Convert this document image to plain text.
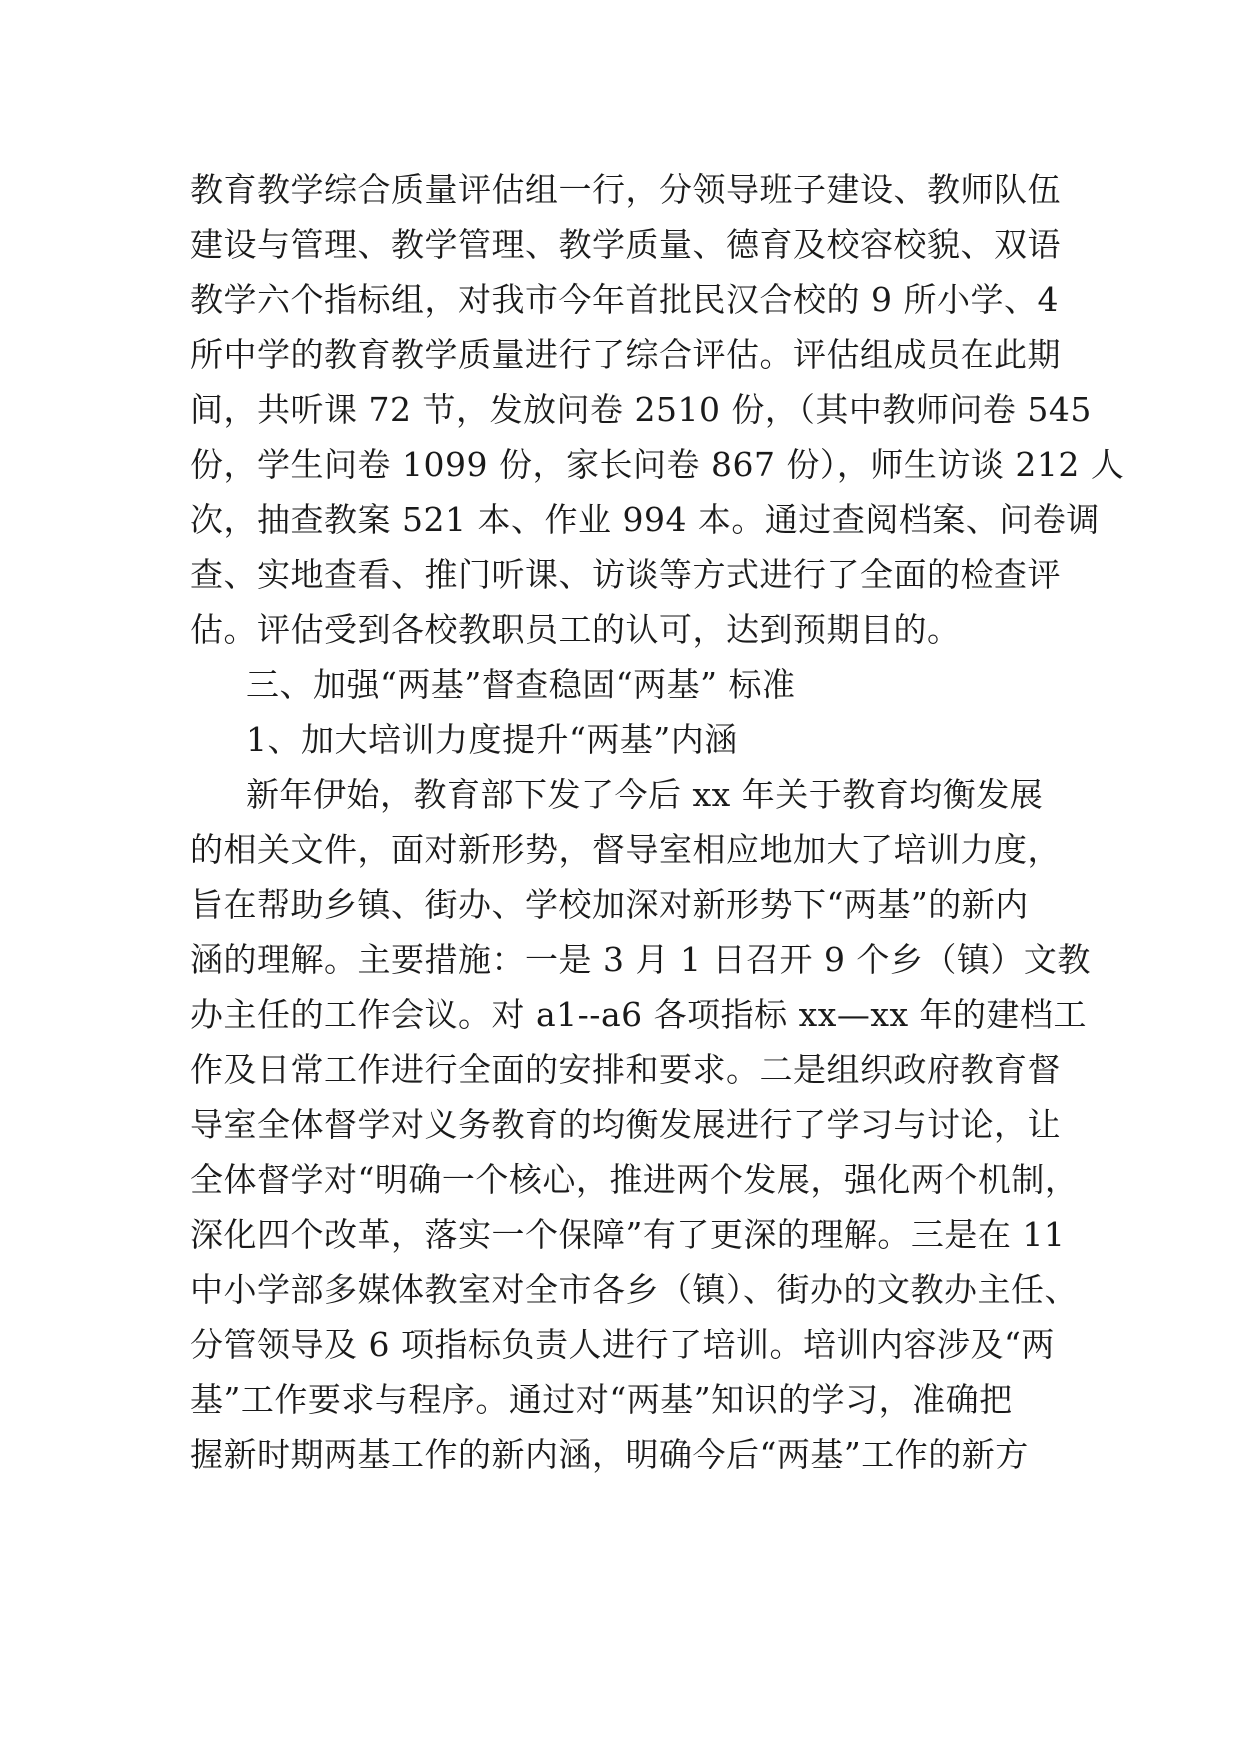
教育教学综合质量评估组一行，分领导班子建设、教师队伍
建设与管理、教学管理、教学质量、德育及校容校貌、双语
教学六个指标组，对我市今年首批民汉合校的 9 所小学、4
所中学的教育教学质量进行了综合评估。评估组成员在此期
间，共听课 72 节，发放问卷 2510 份，（其中教师问卷 545
份，学生问卷 1099 份，家长问卷 867 份），师生访谈 212 人
次，抽查教案 521 本、作业 994 本。通过查阅档案、问卷调
查、实地查看、推门听课、访谈等方式进行了全面的检查评
估。评估受到各校教职员工的认可，达到预期目的。
三、加强“两基”督查稳固“两基” 标准
1、加大培训力度提升“两基”内涵
新年伊始，教育部下发了今后 xx 年关于教育均衡发展
的相关文件，面对新形势，督导室相应地加大了培训力度，
旨在帮助乡镇、街办、学校加深对新形势下“两基”的新内
涵的理解。主要措施：一是 3 月 1 日召开 9 个乡（镇）文教
办主任的工作会议。对 a1--a6 各项指标 xx—xx 年的建档工
作及日常工作进行全面的安排和要求。二是组织政府教育督
导室全体督学对义务教育的均衡发展进行了学习与讨论，让
全体督学对“明确一个核心，推进两个发展，强化两个机制，
深化四个改革，落实一个保障”有了更深的理解。三是在 11
中小学部多媒体教室对全市各乡（镇）、街办的文教办主任、
分管领导及 6 项指标负责人进行了培训。培训内容涉及“两
基”工作要求与程序。通过对“两基”知识的学习，准确把
握新时期两基工作的新内涵，明确今后“两基”工作的新方
